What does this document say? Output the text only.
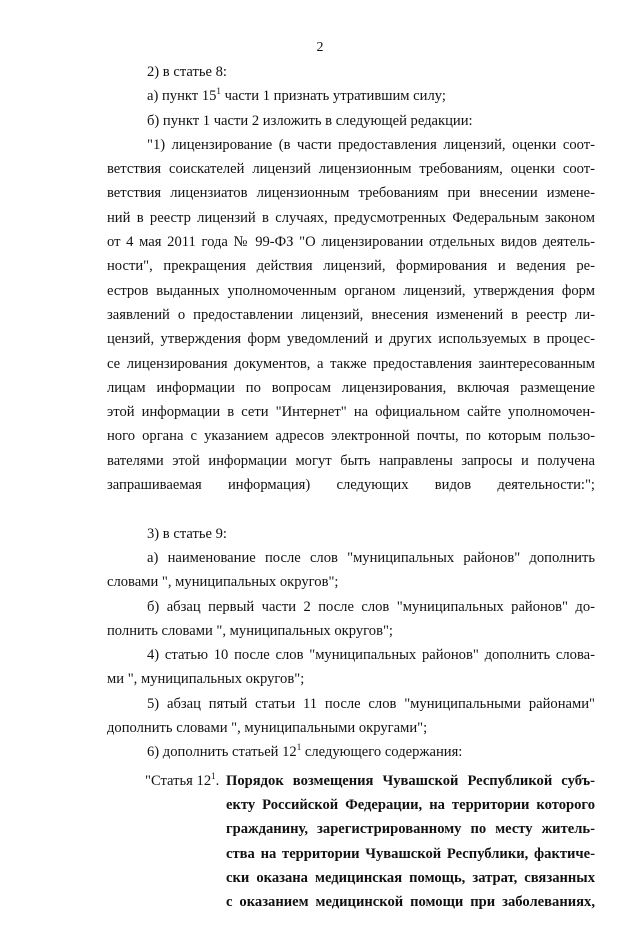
2
2) в статье 8:
а) пункт $15^1$ части 1 признать утратившим силу;
б) пункт 1 части 2 изложить в следующей редакции:
"1) лицензирование (в части предоставления лицензий, оценки соот-
ветствия соискателей лицензий лицензионным требованиям, оценки соот-
ветствия лицензиатов лицензионным требованиям при внесении измене-
ний в реестр лицензий в случаях, предусмотренных Федеральным законом
от 4 мая 2011 года № 99-ФЗ "О лицензировании отдельных видов деятель-
ности", прекращения действия лицензий, формирования и ведения ре-
естров выданных уполномоченным органом лицензий, утверждения форм
заявлений о предоставлении лицензий, внесения изменений в реестр ли-
цензий, утверждения форм уведомлений и других используемых в процес-
се лицензирования документов, а также предоставления заинтересованным
лицам информации по вопросам лицензирования, включая размещение
этой информации в сети "Интернет" на официальном сайте уполномочен-
ного органа с указанием адресов электронной почты, по которым пользо-
вателями этой информации могут быть направлены запросы и получена
запрашиваемая информация) следующих видов деятельности:";
3) в статье 9:
а) наименование после слов "муниципальных районов" дополнить
словами ", муниципальных округов";
б) абзац первый части 2 после слов "муниципальных районов" до-
полнить словами ", муниципальных округов";
4) статью 10 после слов "муниципальных районов" дополнить слова-
ми ", муниципальных округов";
5) абзац пятый статьи 11 после слов "муниципальными районами"
дополнить словами ", муниципальными округами";
6) дополнить статьей $12^1$ следующего содержания:
"Статья $12^1$. Порядок возмещения Чувашской Республикой субъ-
екту Российской Федерации, на территории которого
гражданину, зарегистрированному по месту житель-
ства на территории Чувашской Республики, фактиче-
ски оказана медицинская помощь, затрат, связанных
с оказанием медицинской помощи при заболеваниях,
